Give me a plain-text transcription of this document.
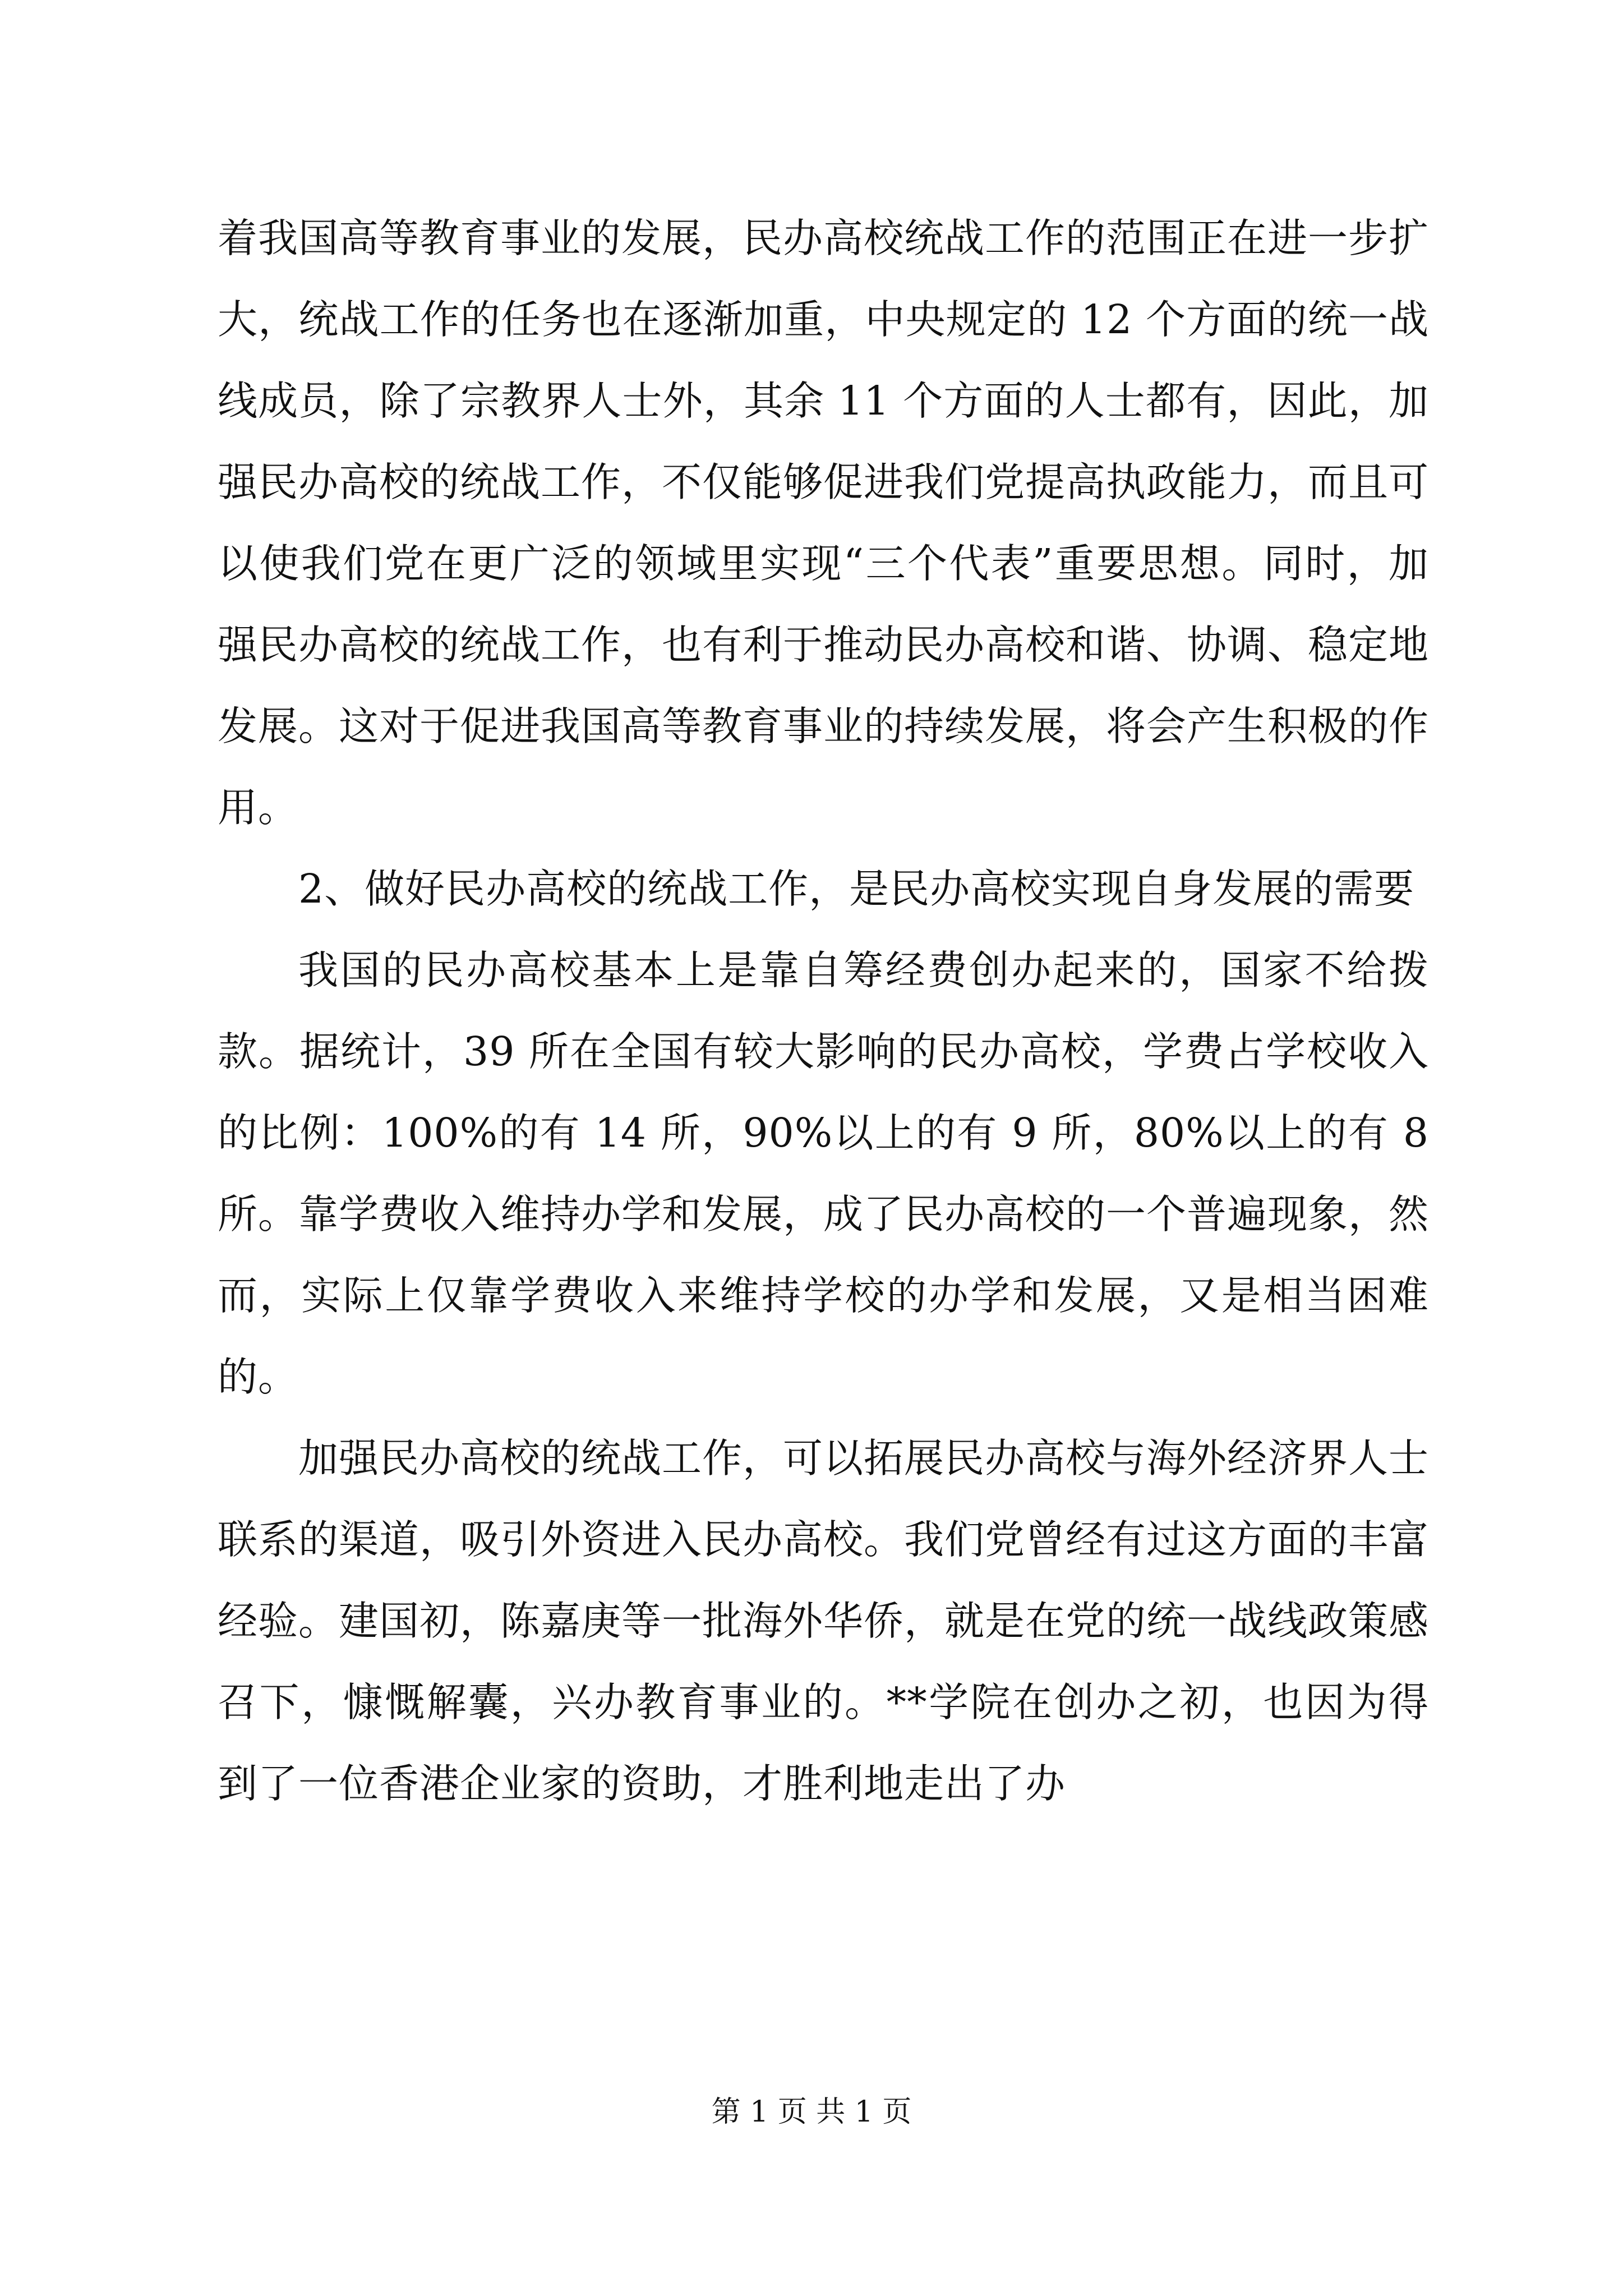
着我国高等教育事业的发展，民办高校统战工作的范围正在进一步扩大，统战工作的任务也在逐渐加重，中央规定的 12 个方面的统一战线成员，除了宗教界人士外，其余 11 个方面的人士都有，因此，加强民办高校的统战工作，不仅能够促进我们党提高执政能力，而且可以使我们党在更广泛的领域里实现“三个代表”重要思想。同时，加强民办高校的统战工作，也有利于推动民办高校和谐、协调、稳定地发展。这对于促进我国高等教育事业的持续发展，将会产生积极的作用。

2、做好民办高校的统战工作，是民办高校实现自身发展的需要

我国的民办高校基本上是靠自筹经费创办起来的，国家不给拨款。据统计，39 所在全国有较大影响的民办高校，学费占学校收入的比例：100%的有 14 所，90%以上的有 9 所，80%以上的有 8 所。靠学费收入维持办学和发展，成了民办高校的一个普遍现象，然而，实际上仅靠学费收入来维持学校的办学和发展，又是相当困难的。

加强民办高校的统战工作，可以拓展民办高校与海外经济界人士联系的渠道，吸引外资进入民办高校。我们党曾经有过这方面的丰富经验。建国初，陈嘉庚等一批海外华侨，就是在党的统一战线政策感召下，慷慨解囊，兴办教育事业的。**学院在创办之初，也因为得到了一位香港企业家的资助，才胜利地走出了办

第 1 页 共 1 页
